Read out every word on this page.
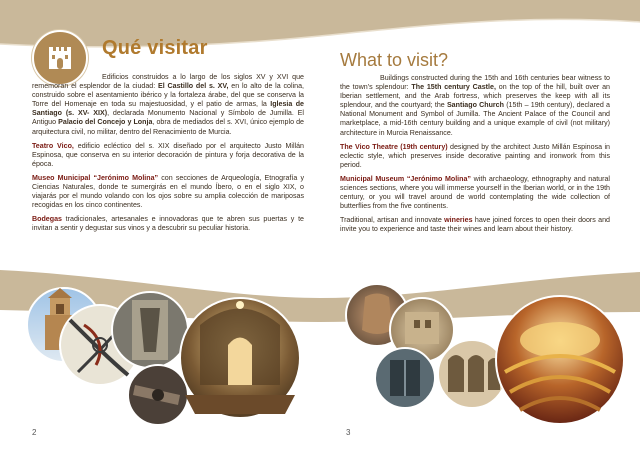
Qué visitar
What to visit?

Edificios construidos a lo largo de los siglos XV y XVI que rememoran el esplendor de la ciudad: El Castillo del s. XV, en lo alto de la colina, construido sobre el asentamiento ibérico y la fortaleza árabe, del que se conserva la Torre del Homenaje en toda su majestuosidad, y el patio de armas, la Iglesia de Santiago (s. XV- XIX), declarada Monumento Nacional y Símbolo de Jumilla. El Antiguo Palacio del Concejo y Lonja, obra de mediados del s. XVI, único ejemplo de arquitectura civil, no militar, dentro del Renacimiento de Murcia.

Teatro Vico, edificio ecléctico del s. XIX diseñado por el arquitecto Justo Millán Espinosa, que conserva en su interior decoración de pintura y forja decorativa de la época.

Museo Municipal “Jerónimo Molina” con secciones de Arqueología, Etnografía y Ciencias Naturales, donde te sumergirás en el mundo Íbero, o en el siglo XIX, o viajarás por el mundo volando con los ojos sobre su amplia colección de mariposas recogidas en los cinco continentes.

Bodegas tradicionales, artesanales e innovadoras que te abren sus puertas y te invitan a sentir y degustar sus vinos y a descubrir su peculiar historia.

Buildings constructed during the 15th and 16th centuries bear witness to the town’s splendour: The 15th century Castle, on the top of the hill, built over an Iberian settlement, and the Arab fortress, which preserves the keep with all its splendour, and the courtyard; the Santiago Church (15th – 19th century), declared a National Monument and Symbol of Jumilla. The Ancient Palace of the Council and marketplace, a mid-16th century building and a unique example of civil (not military) architecture in Murcia Renaissance.

The Vico Theatre (19th century) designed by the architect Justo Millán Espinosa in eclectic style, which preserves inside decorative painting and ironwork from this period.

Municipal Museum “Jerónimo Molina” with archaeology, ethnography and natural sciences sections, where you will immerse yourself in the Iberian world, or in the 19th century, or you will travel around de world contemplating the wide collection of butterflies from the five continents.

Traditional, artisan and innovate wineries have joined forces to open their doors and invite you to experience and taste their wines and learn about their history.

2	3
